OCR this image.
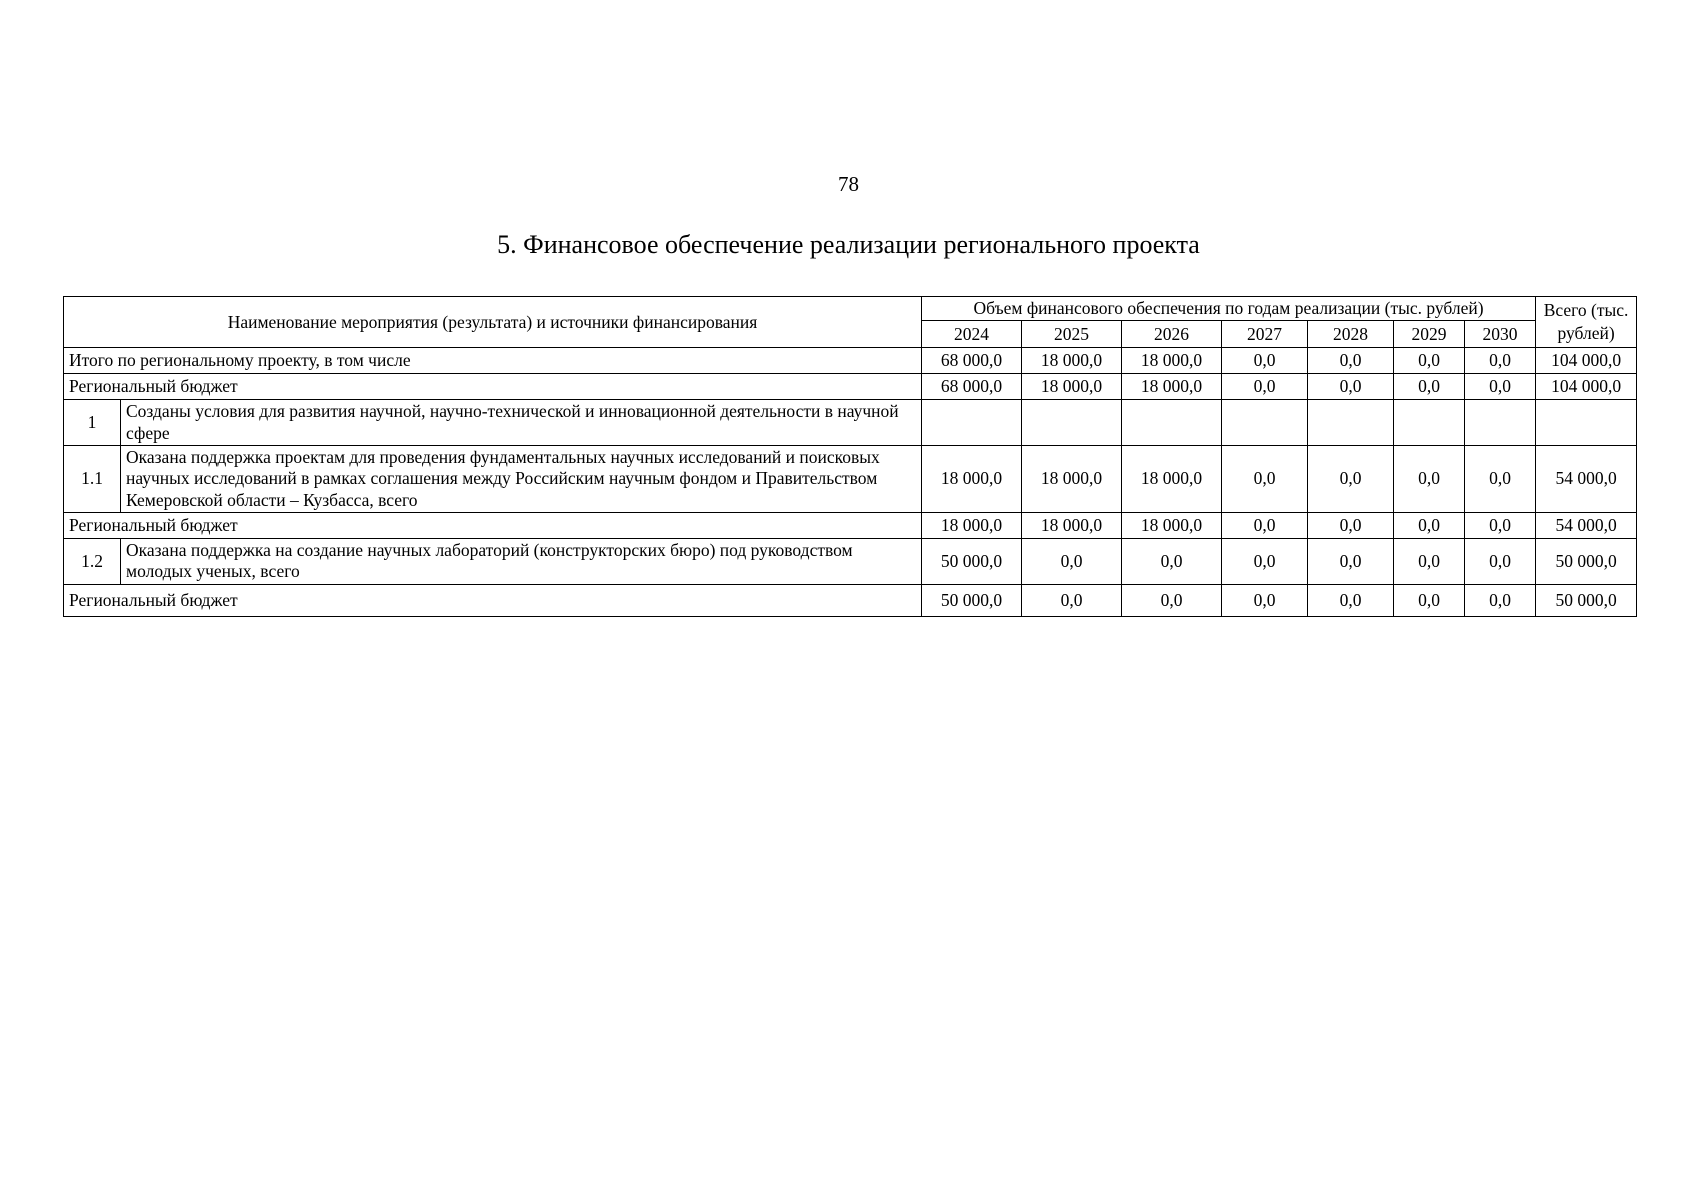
78
5. Финансовое обеспечение реализации регионального проекта
Наименование мероприятия (результата) и источники финансирования		Объем финансового обеспечения по годам реализации (тыс. рублей)							Всего (тыс. рублей)
		2024	2025	2026	2027	2028	2029	2030	
Итого по региональному проекту, в том числе		68 000,0	18 000,0	18 000,0	0,0	0,0	0,0	0,0	104 000,0
Региональный бюджет		68 000,0	18 000,0	18 000,0	0,0	0,0	0,0	0,0	104 000,0
1	Созданы условия для развития научной, научно-технической и инновационной деятельности в научной сфере								
1.1	Оказана поддержка проектам для проведения фундаментальных научных исследований и поисковых научных исследований в рамках соглашения между Российским научным фондом и Правительством Кемеровской области – Кузбасса, всего	18 000,0	18 000,0	18 000,0	0,0	0,0	0,0	0,0	54 000,0
Региональный бюджет		18 000,0	18 000,0	18 000,0	0,0	0,0	0,0	0,0	54 000,0
1.2	Оказана поддержка на создание научных лабораторий (конструкторских бюро) под руководством молодых ученых, всего	50 000,0	0,0	0,0	0,0	0,0	0,0	0,0	50 000,0
Региональный бюджет		50 000,0	0,0	0,0	0,0	0,0	0,0	0,0	50 000,0
